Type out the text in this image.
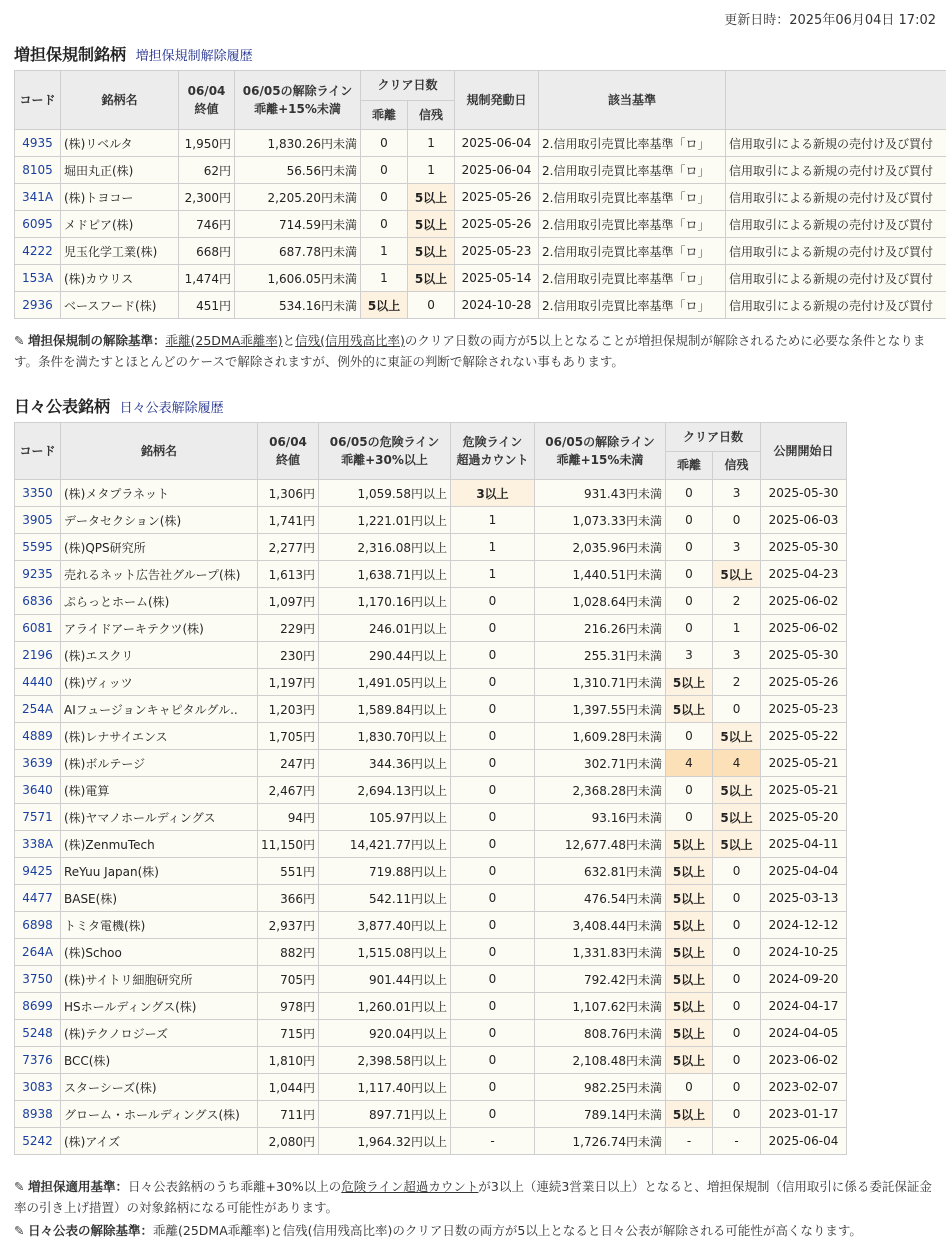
更新日時：2025年06月04日 17:02
増担保規制銘柄 増担保規制解除履歴
コード	銘柄名	06/04
終値	06/05の解除ライン
乖離+15%未満	クリア日数		規制発動日	該当基準	
				乖離	信残			
4935	(株)リベルタ	1,950円	1,830.26円未満	0	1	2025-06-04	2.信用取引売買比率基準「ロ」	信用取引による新規の売付け及び買付
8105	堀田丸正(株)	62円	56.56円未満	0	1	2025-06-04	2.信用取引売買比率基準「ロ」	信用取引による新規の売付け及び買付
341A	(株)トヨコー	2,300円	2,205.20円未満	0	5以上	2025-05-26	2.信用取引売買比率基準「ロ」	信用取引による新規の売付け及び買付
6095	メドピア(株)	746円	714.59円未満	0	5以上	2025-05-26	2.信用取引売買比率基準「ロ」	信用取引による新規の売付け及び買付
4222	児玉化学工業(株)	668円	687.78円未満	1	5以上	2025-05-23	2.信用取引売買比率基準「ロ」	信用取引による新規の売付け及び買付
153A	(株)カウリス	1,474円	1,606.05円未満	1	5以上	2025-05-14	2.信用取引売買比率基準「ロ」	信用取引による新規の売付け及び買付
2936	ベースフード(株)	451円	534.16円未満	5以上	0	2024-10-28	2.信用取引売買比率基準「ロ」	信用取引による新規の売付け及び買付
✎ 増担保規制の解除基準：乖離(25DMA乖離率)と信残(信用残高比率)のクリア日数の両方が5以上となることが増担保規制が解除されるために必要な条件となります。条件を満たすとほとんどのケースで解除されますが、例外的に東証の判断で解除されない事もあります。
日々公表銘柄 日々公表解除履歴
コード	銘柄名	06/04
終値	06/05の危険ライン
乖離+30%以上	危険ライン
超過カウント	06/05の解除ライン
乖離+15%未満	クリア日数		公開開始日
						乖離	信残	
3350	(株)メタプラネット	1,306円	1,059.58円以上	3以上	931.43円未満	0	3	2025-05-30
3905	データセクション(株)	1,741円	1,221.01円以上	1	1,073.33円未満	0	0	2025-06-03
5595	(株)QPS研究所	2,277円	2,316.08円以上	1	2,035.96円未満	0	3	2025-05-30
9235	売れるネット広告社グループ(株)	1,613円	1,638.71円以上	1	1,440.51円未満	0	5以上	2025-04-23
6836	ぷらっとホーム(株)	1,097円	1,170.16円以上	0	1,028.64円未満	0	2	2025-06-02
6081	アライドアーキテクツ(株)	229円	246.01円以上	0	216.26円未満	0	1	2025-06-02
2196	(株)エスクリ	230円	290.44円以上	0	255.31円未満	3	3	2025-05-30
4440	(株)ヴィッツ	1,197円	1,491.05円以上	0	1,310.71円未満	5以上	2	2025-05-26
254A	AIフュージョンキャピタルグル..	1,203円	1,589.84円以上	0	1,397.55円未満	5以上	0	2025-05-23
4889	(株)レナサイエンス	1,705円	1,830.70円以上	0	1,609.28円未満	0	5以上	2025-05-22
3639	(株)ボルテージ	247円	344.36円以上	0	302.71円未満	4	4	2025-05-21
3640	(株)電算	2,467円	2,694.13円以上	0	2,368.28円未満	0	5以上	2025-05-21
7571	(株)ヤマノホールディングス	94円	105.97円以上	0	93.16円未満	0	5以上	2025-05-20
338A	(株)ZenmuTech	11,150円	14,421.77円以上	0	12,677.48円未満	5以上	5以上	2025-04-11
9425	ReYuu Japan(株)	551円	719.88円以上	0	632.81円未満	5以上	0	2025-04-04
4477	BASE(株)	366円	542.11円以上	0	476.54円未満	5以上	0	2025-03-13
6898	トミタ電機(株)	2,937円	3,877.40円以上	0	3,408.44円未満	5以上	0	2024-12-12
264A	(株)Schoo	882円	1,515.08円以上	0	1,331.83円未満	5以上	0	2024-10-25
3750	(株)サイトリ細胞研究所	705円	901.44円以上	0	792.42円未満	5以上	0	2024-09-20
8699	HSホールディングス(株)	978円	1,260.01円以上	0	1,107.62円未満	5以上	0	2024-04-17
5248	(株)テクノロジーズ	715円	920.04円以上	0	808.76円未満	5以上	0	2024-04-05
7376	BCC(株)	1,810円	2,398.58円以上	0	2,108.48円未満	5以上	0	2023-06-02
3083	スターシーズ(株)	1,044円	1,117.40円以上	0	982.25円未満	0	0	2023-02-07
8938	グローム・ホールディングス(株)	711円	897.71円以上	0	789.14円未満	5以上	0	2023-01-17
5242	(株)アイズ	2,080円	1,964.32円以上	-	1,726.74円未満	-	-	2025-06-04
✎ 増担保適用基準：日々公表銘柄のうち乖離+30%以上の危険ライン超過カウントが3以上（連続3営業日以上）となると、増担保規制（信用取引に係る委託保証金率の引き上げ措置）の対象銘柄になる可能性があります。
✎ 日々公表の解除基準：乖離(25DMA乖離率)と信残(信用残高比率)のクリア日数の両方が5以上となると日々公表が解除される可能性が高くなります。
